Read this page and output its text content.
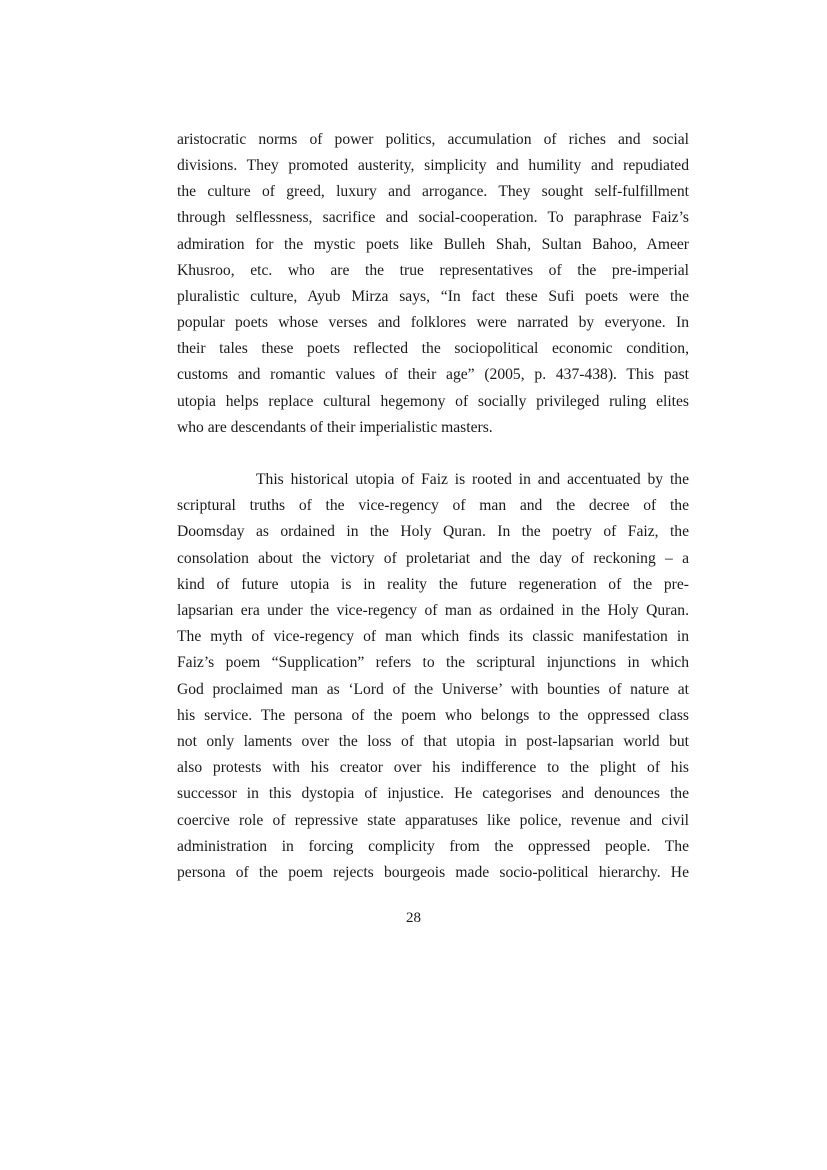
aristocratic norms of power politics, accumulation of riches and social
divisions. They promoted austerity, simplicity and humility and repudiated
the culture of greed, luxury and arrogance. They sought self-fulfillment
through selflessness, sacrifice and social-cooperation. To paraphrase Faiz’s
admiration for the mystic poets like Bulleh Shah, Sultan Bahoo, Ameer
Khusroo, etc. who are the true representatives of the pre-imperial
pluralistic culture, Ayub Mirza says, “In fact these Sufi poets were the
popular poets whose verses and folklores were narrated by everyone. In
their tales these poets reflected the sociopolitical economic condition,
customs and romantic values of their age” (2005, p. 437-438). This past
utopia helps replace cultural hegemony of socially privileged ruling elites
who are descendants of their imperialistic masters.
This historical utopia of Faiz is rooted in and accentuated by the
scriptural truths of the vice-regency of man and the decree of the
Doomsday as ordained in the Holy Quran. In the poetry of Faiz, the
consolation about the victory of proletariat and the day of reckoning – a
kind of future utopia is in reality the future regeneration of the pre-
lapsarian era under the vice-regency of man as ordained in the Holy Quran.
The myth of vice-regency of man which finds its classic manifestation in
Faiz’s poem “Supplication” refers to the scriptural injunctions in which
God proclaimed man as ‘Lord of the Universe’ with bounties of nature at
his service. The persona of the poem who belongs to the oppressed class
not only laments over the loss of that utopia in post-lapsarian world but
also protests with his creator over his indifference to the plight of his
successor in this dystopia of injustice. He categorises and denounces the
coercive role of repressive state apparatuses like police, revenue and civil
administration in forcing complicity from the oppressed people. The
persona of the poem rejects bourgeois made socio-political hierarchy. He
28
